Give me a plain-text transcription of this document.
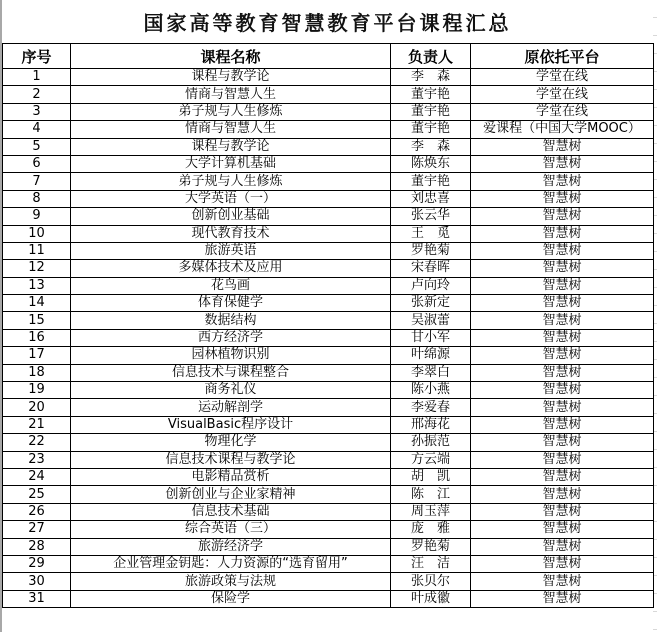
国家高等教育智慧教育平台课程汇总
序号	课程名称	负责人	原依托平台
1	课程与教学论	李　森	学堂在线
2	情商与智慧人生	董宇艳	学堂在线
3	弟子规与人生修炼	董宇艳	学堂在线
4	情商与智慧人生	董宇艳	爱课程（中国大学MOOC）
5	课程与教学论	李　森	智慧树
6	大学计算机基础	陈焕东	智慧树
7	弟子规与人生修炼	董宇艳	智慧树
8	大学英语（一）	刘忠喜	智慧树
9	创新创业基础	张云华	智慧树
10	现代教育技术	王　觅	智慧树
11	旅游英语	罗艳菊	智慧树
12	多媒体技术及应用	宋春晖	智慧树
13	花鸟画	卢向玲	智慧树
14	体育保健学	张新定	智慧树
15	数据结构	吴淑蕾	智慧树
16	西方经济学	甘小军	智慧树
17	园林植物识别	叶绵源	智慧树
18	信息技术与课程整合	李翠白	智慧树
19	商务礼仪	陈小燕	智慧树
20	运动解剖学	李爱春	智慧树
21	VisualBasic程序设计	邢海花	智慧树
22	物理化学	孙振范	智慧树
23	信息技术课程与教学论	方云端	智慧树
24	电影精品赏析	胡　凯	智慧树
25	创新创业与企业家精神	陈　江	智慧树
26	信息技术基础	周玉萍	智慧树
27	综合英语（三）	庞　雅	智慧树
28	旅游经济学	罗艳菊	智慧树
29	企业管理金钥匙：人力资源的“选育留用”	汪　洁	智慧树
30	旅游政策与法规	张贝尔	智慧树
31	保险学	叶成徽	智慧树
